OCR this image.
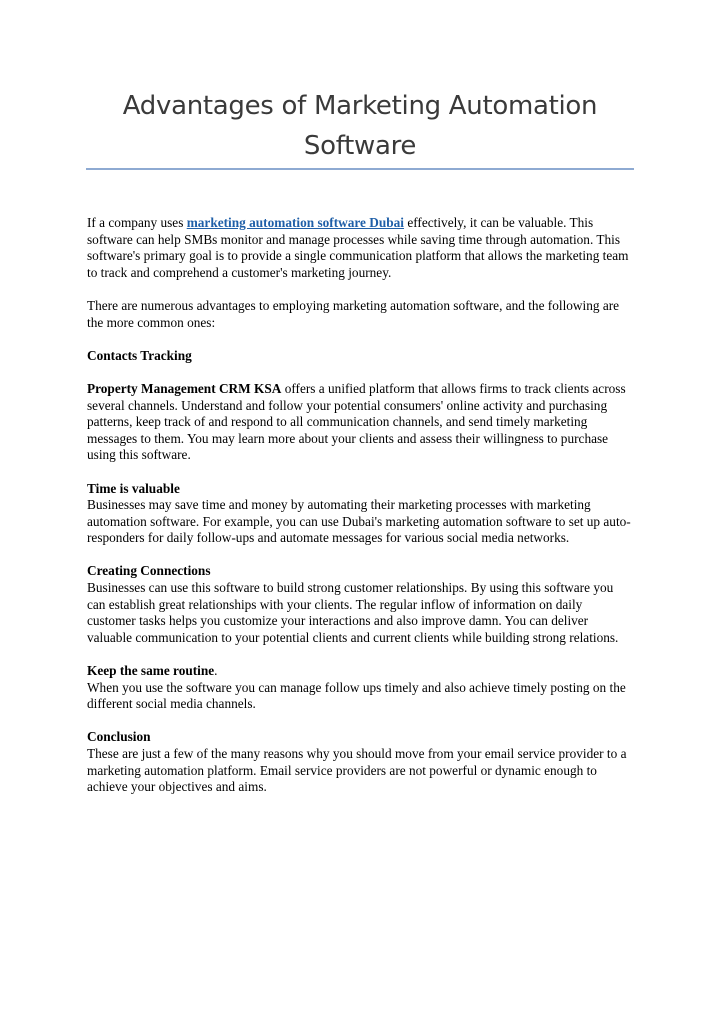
Advantages of Marketing Automation Software

If a company uses marketing automation software Dubai effectively, it can be valuable. This software can help SMBs monitor and manage processes while saving time through automation. This software's primary goal is to provide a single communication platform that allows the marketing team to track and comprehend a customer's marketing journey.

There are numerous advantages to employing marketing automation software, and the following are the more common ones:

Contacts Tracking

Property Management CRM KSA offers a unified platform that allows firms to track clients across several channels. Understand and follow your potential consumers' online activity and purchasing patterns, keep track of and respond to all communication channels, and send timely marketing messages to them. You may learn more about your clients and assess their willingness to purchase using this software.

Time is valuable
Businesses may save time and money by automating their marketing processes with marketing automation software. For example, you can use Dubai's marketing automation software to set up auto-responders for daily follow-ups and automate messages for various social media networks.

Creating Connections
Businesses can use this software to build strong customer relationships. By using this software you can establish great relationships with your clients. The regular inflow of information on daily customer tasks helps you customize your interactions and also improve damn. You can deliver valuable communication to your potential clients and current clients while building strong relations.

Keep the same routine.
When you use the software you can manage follow ups timely and also achieve timely posting on the different social media channels.

Conclusion
These are just a few of the many reasons why you should move from your email service provider to a marketing automation platform. Email service providers are not powerful or dynamic enough to achieve your objectives and aims.
